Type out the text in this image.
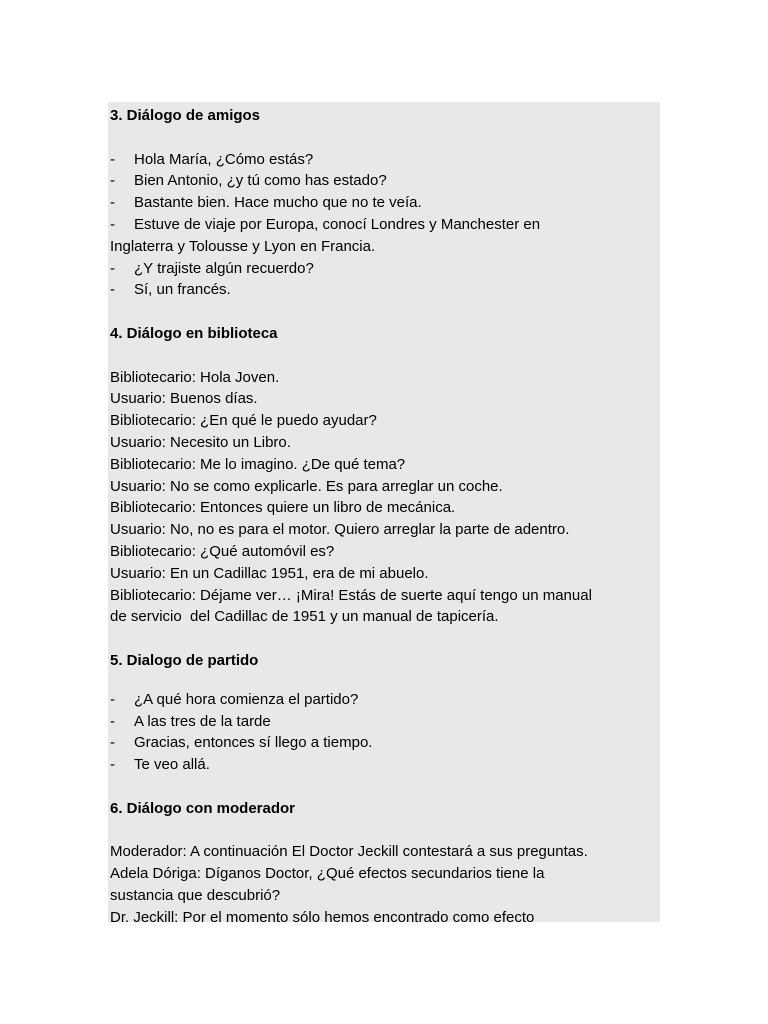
3. Diálogo de amigos
-	Hola María, ¿Cómo estás?
-	Bien Antonio, ¿y tú como has estado?
-	Bastante bien. Hace mucho que no te veía.
-	Estuve de viaje por Europa, conocí Londres y Manchester en
Inglaterra y Tolousse y Lyon en Francia.
-	¿Y trajiste algún recuerdo?
-	Sí, un francés.
4. Diálogo en biblioteca
Bibliotecario: Hola Joven.
Usuario: Buenos días.
Bibliotecario: ¿En qué le puedo ayudar?
Usuario: Necesito un Libro.
Bibliotecario: Me lo imagino. ¿De qué tema?
Usuario: No se como explicarle. Es para arreglar un coche.
Bibliotecario: Entonces quiere un libro de mecánica.
Usuario: No, no es para el motor. Quiero arreglar la parte de adentro.
Bibliotecario: ¿Qué automóvil es?
Usuario: En un Cadillac 1951, era de mi abuelo.
Bibliotecario: Déjame ver… ¡Mira! Estás de suerte aquí tengo un manual
de servicio  del Cadillac de 1951 y un manual de tapicería.
5. Dialogo de partido
-	¿A qué hora comienza el partido?
-	A las tres de la tarde
-	Gracias, entonces sí llego a tiempo.
-	Te veo allá.
6. Diálogo con moderador
Moderador: A continuación El Doctor Jeckill contestará a sus preguntas.
Adela Dóriga: Díganos Doctor, ¿Qué efectos secundarios tiene la
sustancia que descubrió?
Dr. Jeckill: Por el momento sólo hemos encontrado como efecto
